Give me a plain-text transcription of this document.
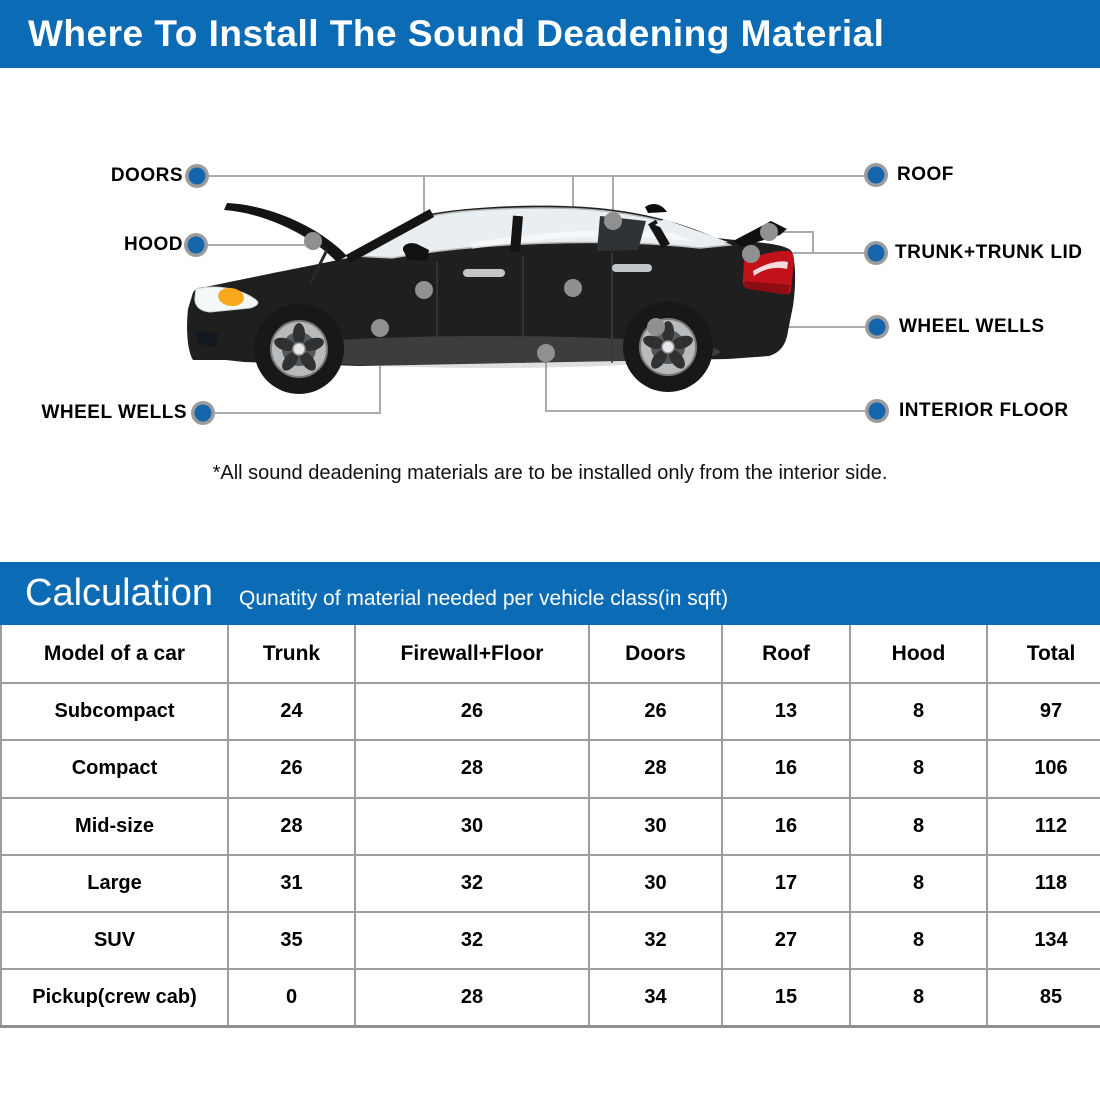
Where To Install The Sound Deadening Material
DOORS
HOOD
WHEEL WELLS
ROOF
TRUNK+TRUNK LID
WHEEL WELLS
INTERIOR FLOOR
*All sound deadening materials are to be installed only from the interior side.
Calculation Qunatity of material needed per vehicle class(in sqft)
Model of a car	Trunk	Firewall+Floor	Doors	Roof	Hood	Total
Subcompact	24	26	26	13	8	97
Compact	26	28	28	16	8	106
Mid-size	28	30	30	16	8	112
Large	31	32	30	17	8	118
SUV	35	32	32	27	8	134
Pickup(crew cab)	0	28	34	15	8	85
